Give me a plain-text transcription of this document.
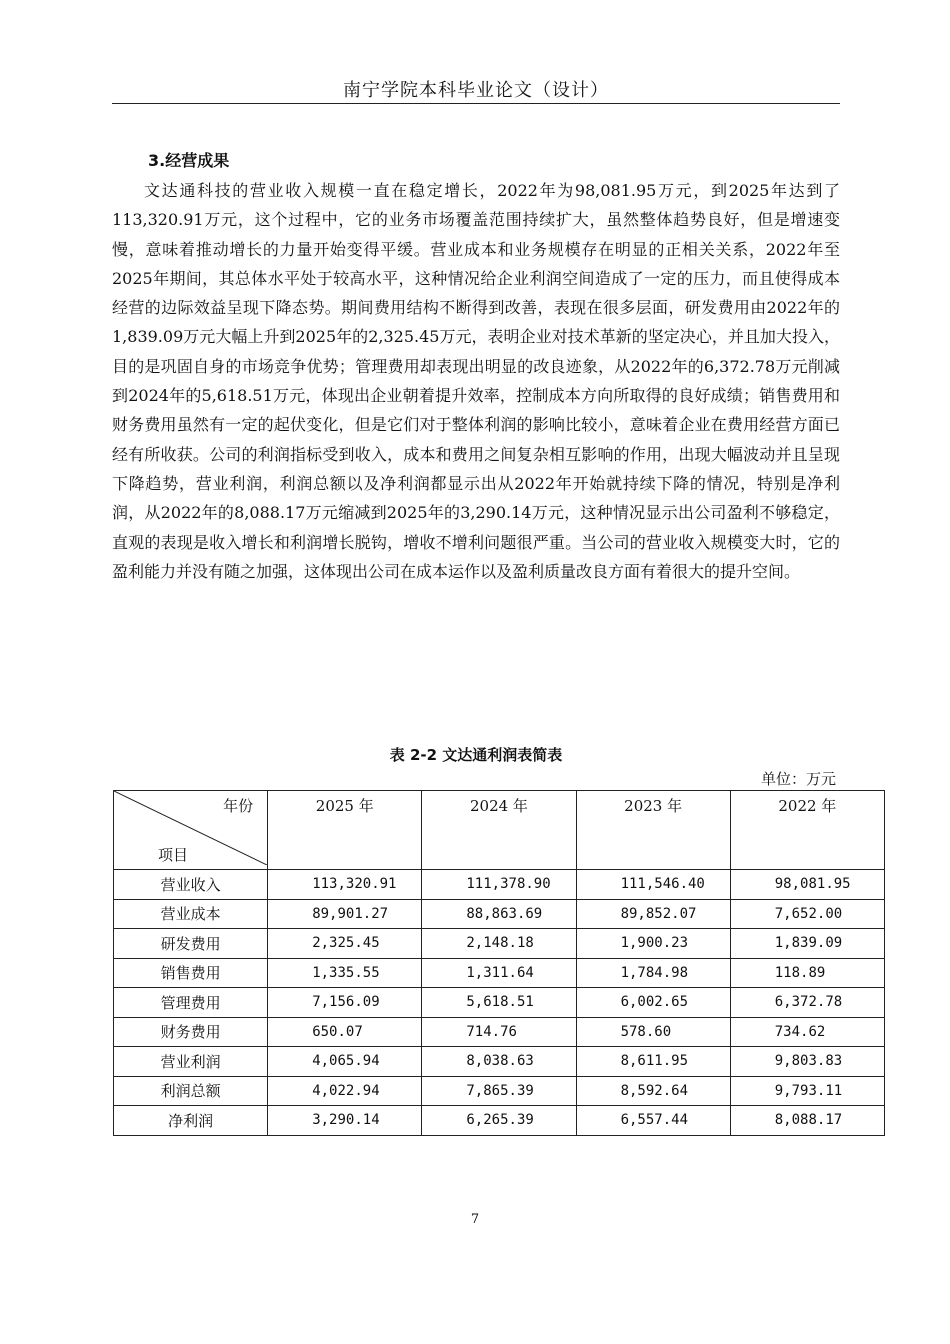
南宁学院本科毕业论文（设计）
3.经营成果

文达通科技的营业收入规模一直在稳定增长，2022年为98,081.95万元，到2025年达到了113,320.91万元，这个过程中，它的业务市场覆盖范围持续扩大，虽然整体趋势良好，但是增速变慢，意味着推动增长的力量开始变得平缓。营业成本和业务规模存在明显的正相关关系，2022年至2025年期间，其总体水平处于较高水平，这种情况给企业利润空间造成了一定的压力，而且使得成本经营的边际效益呈现下降态势。期间费用结构不断得到改善，表现在很多层面，研发费用由2022年的1,839.09万元大幅上升到2025年的2,325.45万元，表明企业对技术革新的坚定决心，并且加大投入，目的是巩固自身的市场竞争优势；管理费用却表现出明显的改良迹象，从2022年的6,372.78万元削减到2024年的5,618.51万元，体现出企业朝着提升效率，控制成本方向所取得的良好成绩；销售费用和财务费用虽然有一定的起伏变化，但是它们对于整体利润的影响比较小，意味着企业在费用经营方面已经有所收获。公司的利润指标受到收入，成本和费用之间复杂相互影响的作用，出现大幅波动并且呈现下降趋势，营业利润，利润总额以及净利润都显示出从2022年开始就持续下降的情况，特别是净利润，从2022年的8,088.17万元缩减到2025年的3,290.14万元，这种情况显示出公司盈利不够稳定，直观的表现是收入增长和利润增长脱钩，增收不增利问题很严重。当公司的营业收入规模变大时，它的盈利能力并没有随之加强，这体现出公司在成本运作以及盈利质量改良方面有着很大的提升空间。

表 2-2 文达通利润表简表
单位：万元
年份
项目	2025 年	2024 年	2023 年	2022 年
营业收入	113,320.91	111,378.90	111,546.40	98,081.95
营业成本	89,901.27	88,863.69	89,852.07	7,652.00
研发费用	2,325.45	2,148.18	1,900.23	1,839.09
销售费用	1,335.55	1,311.64	1,784.98	118.89
管理费用	7,156.09	5,618.51	6,002.65	6,372.78
财务费用	650.07	714.76	578.60	734.62
营业利润	4,065.94	8,038.63	8,611.95	9,803.83
利润总额	4,022.94	7,865.39	8,592.64	9,793.11
净利润	3,290.14	6,265.39	6,557.44	8,088.17
7
